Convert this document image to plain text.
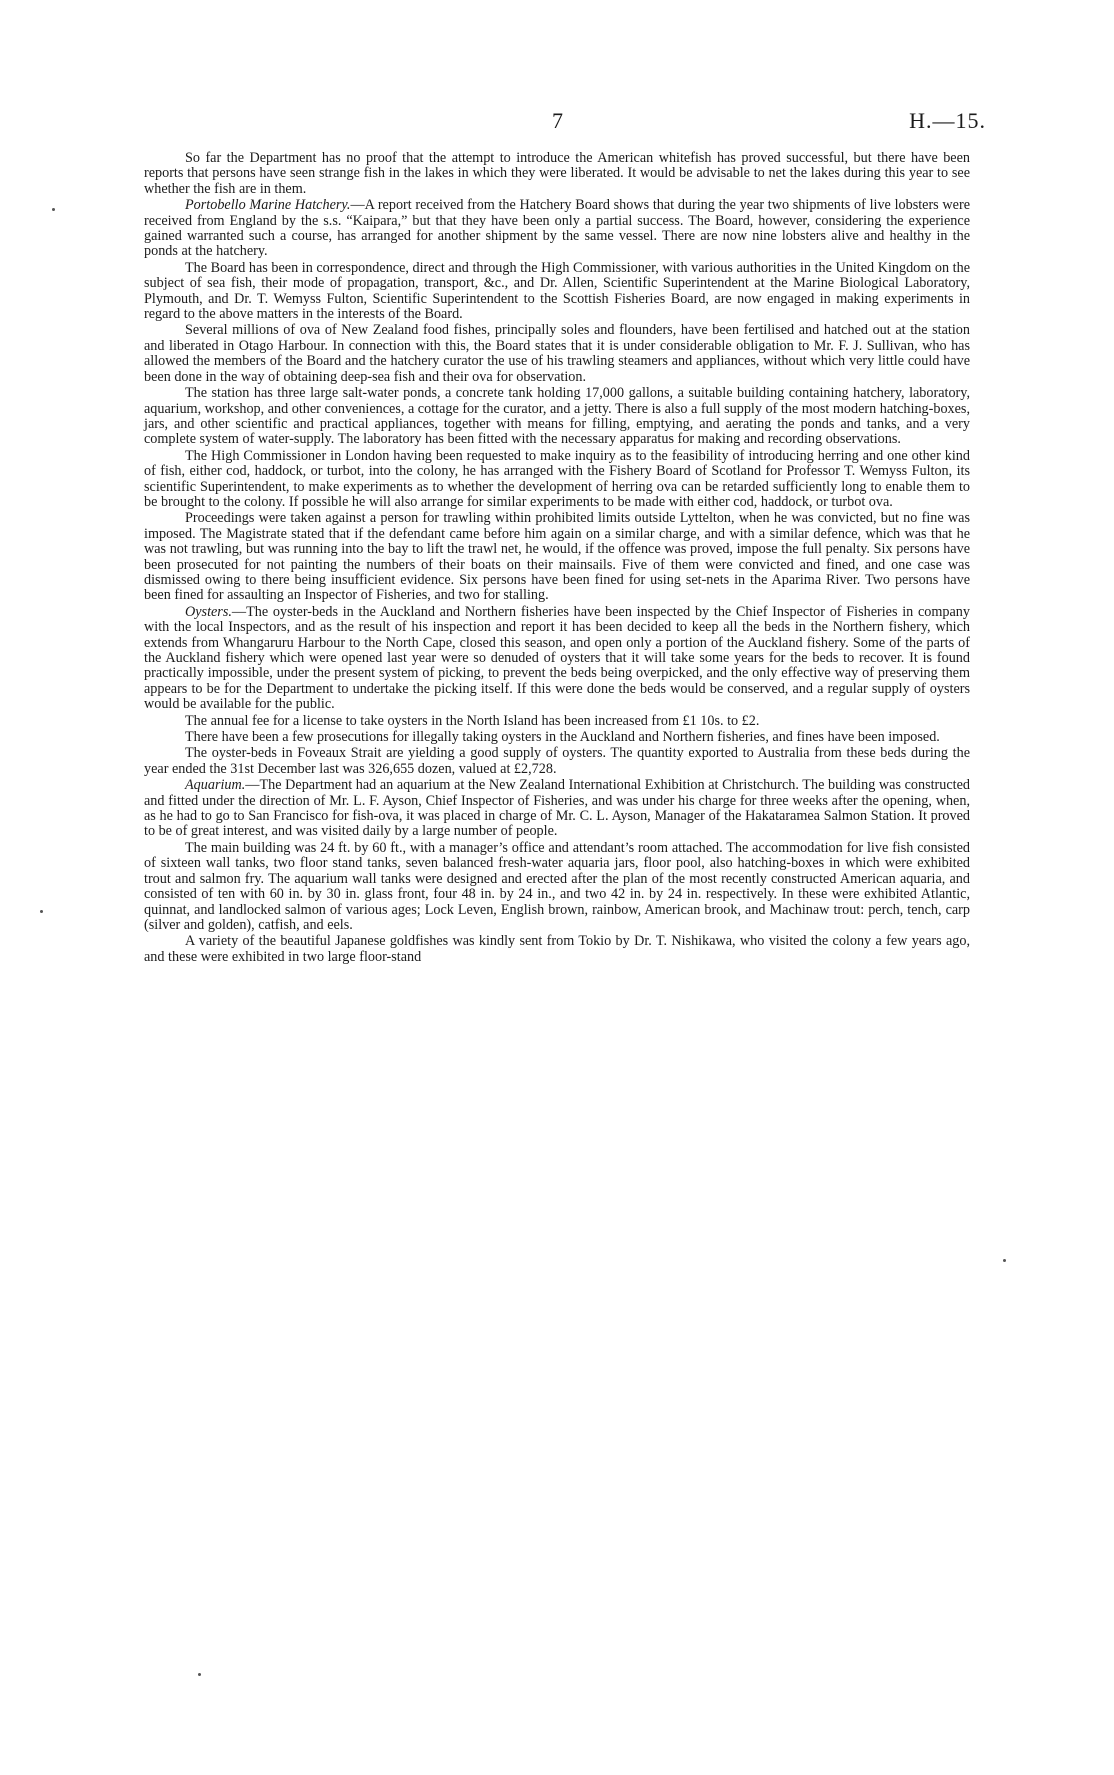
7	H.—15.

So far the Department has no proof that the attempt to introduce the American whitefish has proved successful, but there have been reports that persons have seen strange fish in the lakes in which they were liberated. It would be advisable to net the lakes during this year to see whether the fish are in them.

Portobello Marine Hatchery.—A report received from the Hatchery Board shows that during the year two shipments of live lobsters were received from England by the s.s. “Kaipara,” but that they have been only a partial success. The Board, however, considering the experience gained warranted such a course, has arranged for another shipment by the same vessel. There are now nine lobsters alive and healthy in the ponds at the hatchery.

The Board has been in correspondence, direct and through the High Commissioner, with various authorities in the United Kingdom on the subject of sea fish, their mode of propagation, transport, &c., and Dr. Allen, Scientific Superintendent at the Marine Biological Laboratory, Plymouth, and Dr. T. Wemyss Fulton, Scientific Superintendent to the Scottish Fisheries Board, are now engaged in making experiments in regard to the above matters in the interests of the Board.

Several millions of ova of New Zealand food fishes, principally soles and flounders, have been fertilised and hatched out at the station and liberated in Otago Harbour. In connection with this, the Board states that it is under considerable obligation to Mr. F. J. Sullivan, who has allowed the members of the Board and the hatchery curator the use of his trawling steamers and appliances, without which very little could have been done in the way of obtaining deep-sea fish and their ova for observation.

The station has three large salt-water ponds, a concrete tank holding 17,000 gallons, a suitable building containing hatchery, laboratory, aquarium, workshop, and other conveniences, a cottage for the curator, and a jetty. There is also a full supply of the most modern hatching-boxes, jars, and other scientific and practical appliances, together with means for filling, emptying, and aerating the ponds and tanks, and a very complete system of water-supply. The laboratory has been fitted with the necessary apparatus for making and recording observations.

The High Commissioner in London having been requested to make inquiry as to the feasibility of introducing herring and one other kind of fish, either cod, haddock, or turbot, into the colony, he has arranged with the Fishery Board of Scotland for Professor T. Wemyss Fulton, its scientific Superintendent, to make experiments as to whether the development of herring ova can be retarded sufficiently long to enable them to be brought to the colony. If possible he will also arrange for similar experiments to be made with either cod, haddock, or turbot ova.

Proceedings were taken against a person for trawling within prohibited limits outside Lyttelton, when he was convicted, but no fine was imposed. The Magistrate stated that if the defendant came before him again on a similar charge, and with a similar defence, which was that he was not trawling, but was running into the bay to lift the trawl net, he would, if the offence was proved, impose the full penalty. Six persons have been prosecuted for not painting the numbers of their boats on their mainsails. Five of them were convicted and fined, and one case was dismissed owing to there being insufficient evidence. Six persons have been fined for using set-nets in the Aparima River. Two persons have been fined for assaulting an Inspector of Fisheries, and two for stalling.

Oysters.—The oyster-beds in the Auckland and Northern fisheries have been inspected by the Chief Inspector of Fisheries in company with the local Inspectors, and as the result of his inspection and report it has been decided to keep all the beds in the Northern fishery, which extends from Whangaruru Harbour to the North Cape, closed this season, and open only a portion of the Auckland fishery. Some of the parts of the Auckland fishery which were opened last year were so denuded of oysters that it will take some years for the beds to recover. It is found practically impossible, under the present system of picking, to prevent the beds being overpicked, and the only effective way of preserving them appears to be for the Department to undertake the picking itself. If this were done the beds would be conserved, and a regular supply of oysters would be available for the public.

The annual fee for a license to take oysters in the North Island has been increased from £1 10s. to £2.

There have been a few prosecutions for illegally taking oysters in the Auckland and Northern fisheries, and fines have been imposed.

The oyster-beds in Foveaux Strait are yielding a good supply of oysters. The quantity exported to Australia from these beds during the year ended the 31st December last was 326,655 dozen, valued at £2,728.

Aquarium.—The Department had an aquarium at the New Zealand International Exhibition at Christchurch. The building was constructed and fitted under the direction of Mr. L. F. Ayson, Chief Inspector of Fisheries, and was under his charge for three weeks after the opening, when, as he had to go to San Francisco for fish-ova, it was placed in charge of Mr. C. L. Ayson, Manager of the Hakataramea Salmon Station. It proved to be of great interest, and was visited daily by a large number of people.

The main building was 24 ft. by 60 ft., with a manager’s office and attendant’s room attached. The accommodation for live fish consisted of sixteen wall tanks, two floor stand tanks, seven balanced fresh-water aquaria jars, floor pool, also hatching-boxes in which were exhibited trout and salmon fry. The aquarium wall tanks were designed and erected after the plan of the most recently constructed American aquaria, and consisted of ten with 60 in. by 30 in. glass front, four 48 in. by 24 in., and two 42 in. by 24 in. respectively. In these were exhibited Atlantic, quinnat, and landlocked salmon of various ages; Lock Leven, English brown, rainbow, American brook, and Machinaw trout: perch, tench, carp (silver and golden), catfish, and eels.

A variety of the beautiful Japanese goldfishes was kindly sent from Tokio by Dr. T. Nishikawa, who visited the colony a few years ago, and these were exhibited in two large floor-stand
